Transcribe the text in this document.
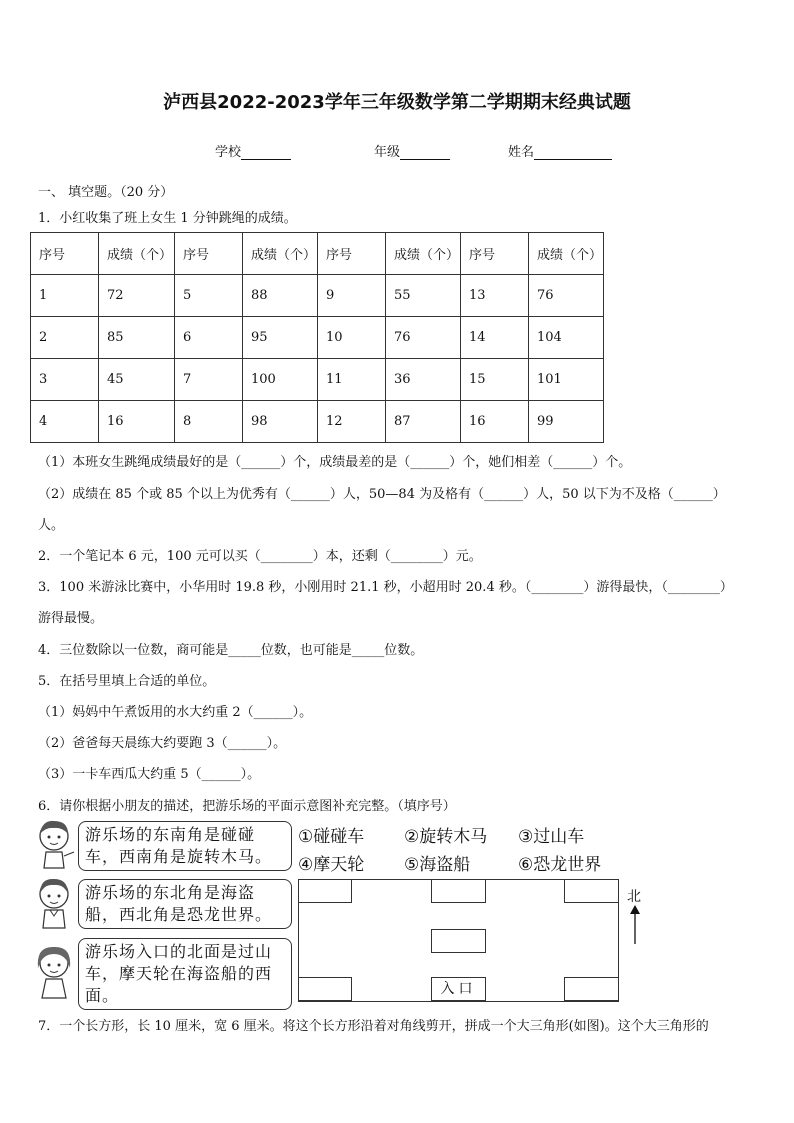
泸西县2022-2023学年三年级数学第二学期期末经典试题
学校	年级	姓名
一、 填空题。（20 分）
1．小红收集了班上女生 1 分钟跳绳的成绩。
序号	成绩（个）	序号	成绩（个）	序号	成绩（个）	序号	成绩（个）
1	72	5	88	9	55	13	76
2	85	6	95	10	76	14	104
3	45	7	100	11	36	15	101
4	16	8	98	12	87	16	99
（1）本班女生跳绳成绩最好的是（______）个，成绩最差的是（______）个，她们相差（______）个。
（2）成绩在 85 个或 85 个以上为优秀有（______）人，50—84 为及格有（______）人，50 以下为不及格（______）
人。
2．一个笔记本 6 元，100 元可以买（________）本，还剩（________）元。
3．100 米游泳比赛中，小华用时 19.8 秒，小刚用时 21.1 秒，小超用时 20.4 秒。（________）游得最快，（________）
游得最慢。
4．三位数除以一位数，商可能是_____位数，也可能是_____位数。
5．在括号里填上合适的单位。
（1）妈妈中午煮饭用的水大约重 2（______）。
（2）爸爸每天晨练大约要跑 3（______）。
（3）一卡车西瓜大约重 5（______）。
6．请你根据小朋友的描述，把游乐场的平面示意图补充完整。（填序号）
游乐场的东南角是碰碰车，西南角是旋转木马。
游乐场的东北角是海盗船，西北角是恐龙世界。
游乐场入口的北面是过山车，摩天轮在海盗船的西面。
①碰碰车 ②旋转木马 ③过山车
④摩天轮 ⑤海盗船	⑥恐龙世界
入口
北
7．一个长方形，长 10 厘米，宽 6 厘米。将这个长方形沿着对角线剪开，拼成一个大三角形(如图)。这个大三角形的
